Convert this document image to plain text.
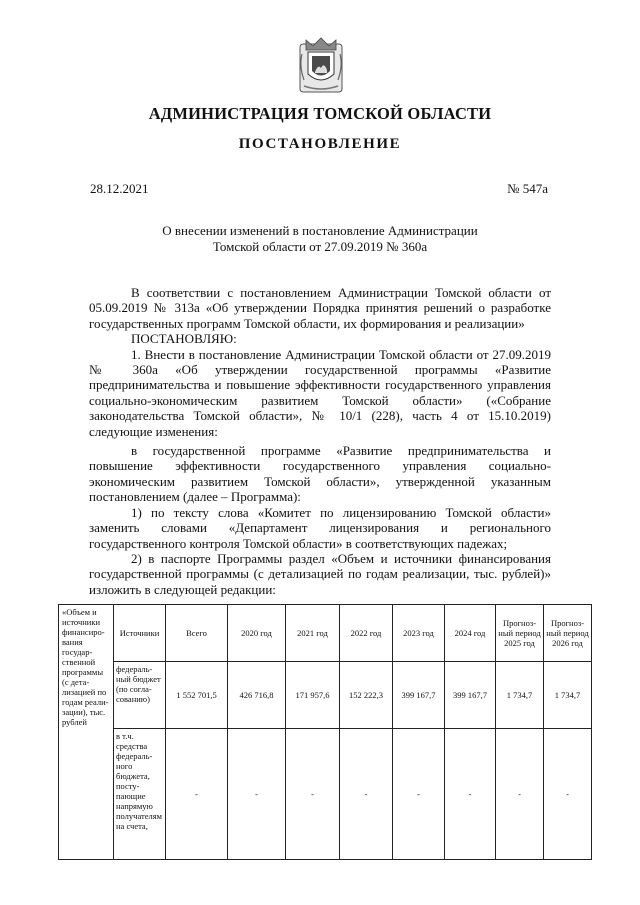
АДМИНИСТРАЦИЯ ТОМСКОЙ ОБЛАСТИ
ПОСТАНОВЛЕНИЕ
28.12.2021	№ 547а
О внесении изменений в постановление Администрации
Томской области от 27.09.2019 № 360а

В соответствии с постановлением Администрации Томской области от 05.09.2019 № 313а «Об утверждении Порядка принятия решений о разработке государственных программ Томской области, их формирования и реализации»

ПОСТАНОВЛЯЮ:

1. Внести в постановление Администрации Томской области от 27.09.2019 № 360а «Об утверждении государственной программы «Развитие предпринимательства и повышение эффективности государственного управления социально-экономическим развитием Томской области» («Собрание законодательства Томской области», № 10/1 (228), часть 4 от 15.10.2019) следующие изменения:

в государственной программе «Развитие предпринимательства и повышение эффективности государственного управления социально-экономическим развитием Томской области», утвержденной указанным постановлением (далее – Программа):

1) по тексту слова «Комитет по лицензированию Томской области» заменить словами «Департамент лицензирования и регионального государственного контроля Томской области» в соответствующих падежах;

2) в паспорте Программы раздел «Объем и источники финансирования государственной программы (с детализацией по годам реализации, тыс. рублей)» изложить в следующей редакции:

«Объем и источники финансирования государственной программы (с детализацией по годам реализации), тыс. рублей	Источники	Всего	2020 год	2021 год	2022 год	2023 год	2024 год	Прогнозный период 2025 год	Прогнозный период 2026 год
	федеральный бюджет (по согласованию)	1 552 701,5	426 716,8	171 957,6	152 222,3	399 167,7	399 167,7	1 734,7	1 734,7
	в т.ч. средства федерального бюджета, поступающие напрямую получателям на счета,	-	-	-	-	-	-	-	-
